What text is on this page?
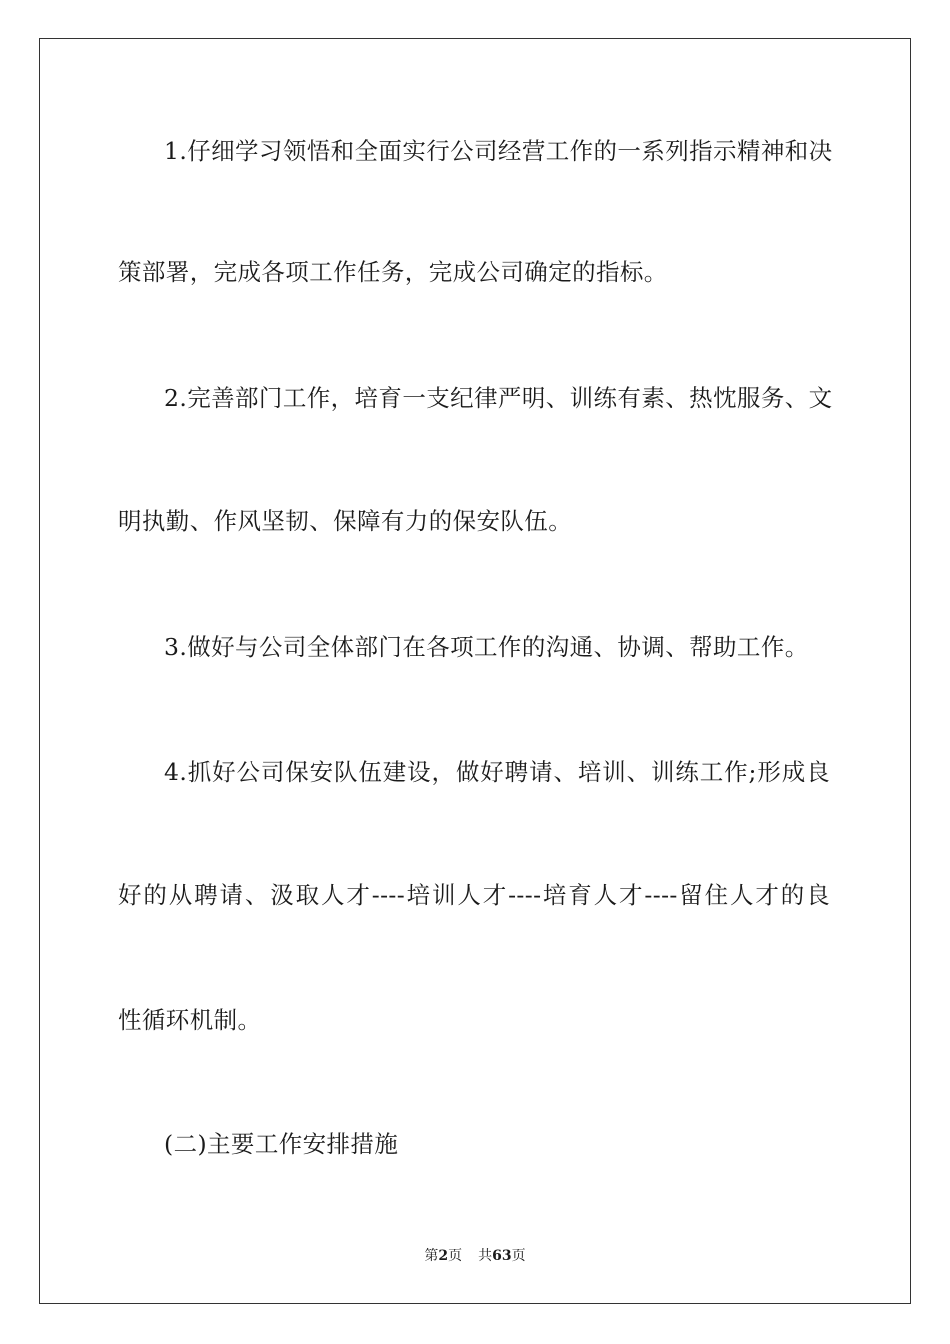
1.仔细学习领悟和全面实行公司经营工作的一系列指示精神和决
策部署，完成各项工作任务，完成公司确定的指标。
2.完善部门工作，培育一支纪律严明、训练有素、热忱服务、文
明执勤、作风坚韧、保障有力的保安队伍。
3.做好与公司全体部门在各项工作的沟通、协调、帮助工作。
4.抓好公司保安队伍建设，做好聘请、培训、训练工作;形成良
好的从聘请、汲取人才----培训人才----培育人才----留住人才的良
性循环机制。
(二)主要工作安排措施
第2页 共63页
